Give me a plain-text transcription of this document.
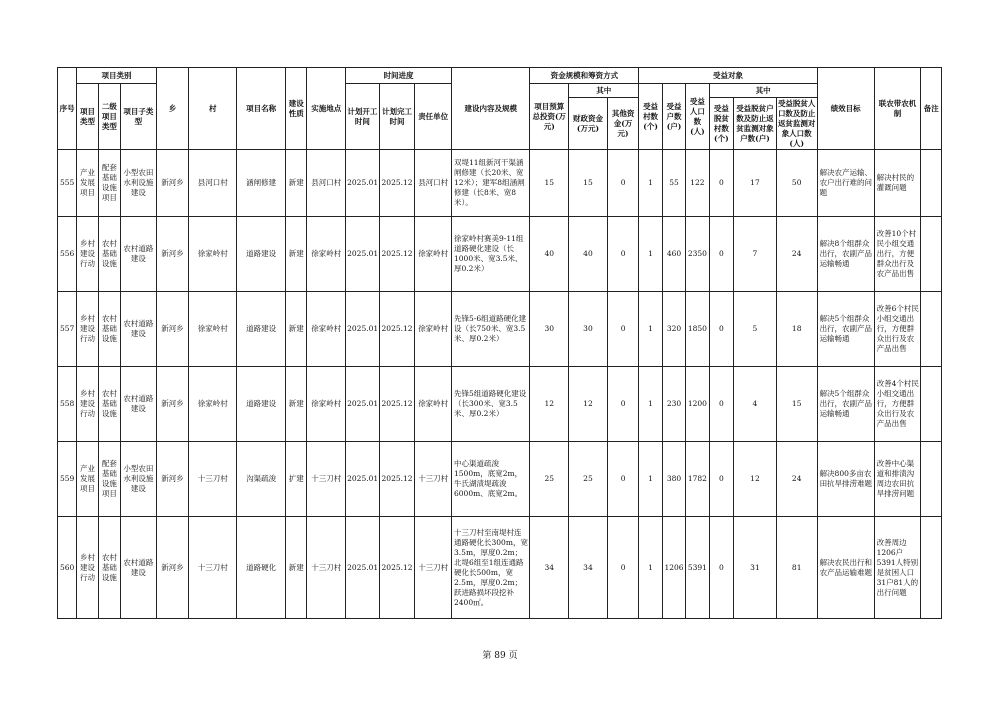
序号	项目类别			乡	村	项目名称	建设性质	实施地点	时间进度			建设内容及规模	资金规模和筹资方式			受益对象						绩效目标	联农带农机制	备注
	项目类型	二级项目类型	项目子类型						计划开工时间	计划完工时间	责任单位		项目预算总投资(万元)	其中		受益村数(个)	受益户数(户)	受益人口数(人)	其中					
														财政资金(万元)	其他资金(万元)				受益脱贫村数(个)	受益脱贫户数及防止返贫监测对象户数(户)	受益脱贫人口数及防止返贫监测对象人口数(人)			
555	产业发展项目	配套基础设施项目	小型农田水利设施建设	新河乡	县河口村	涵闸修建	新建	县河口村	2025.01	2025.12	县河口村	双堤11组新河干渠涵闸修建（长20米、宽12米）；建军8组涵闸修建（长8米、宽8米）。	15	15	0	1	55	122	0	17	50	解决农产运输、农户出行难的问题	解决村民的灌溉问题	
556	乡村建设行动	农村基础设施	农村道路建设	新河乡	徐家岭村	道路建设	新建	徐家岭村	2025.01	2025.12	徐家岭村	徐家岭村赛美9-11组道路硬化建设（长1000米、宽3.5米、厚0.2米）	40	40	0	1	460	2350	0	7	24	解决8个组群众出行，农副产品运输畅通	改善10个村民小组交通出行，方便群众出行及农产品出售	
557	乡村建设行动	农村基础设施	农村道路建设	新河乡	徐家岭村	道路建设	新建	徐家岭村	2025.01	2025.12	徐家岭村	先锋5-6组道路硬化建设（长750米、宽3.5米、厚0.2米）	30	30	0	1	320	1850	0	5	18	解决5个组群众出行，农副产品运输畅通	改善6个村民小组交通出行，方便群众出行及农产品出售	
558	乡村建设行动	农村基础设施	农村道路建设	新河乡	徐家岭村	道路建设	新建	徐家岭村	2025.01	2025.12	徐家岭村	先锋5组道路硬化建设（长300米、宽3.5米、厚0.2米）	12	12	0	1	230	1200	0	4	15	解决5个组群众出行，农副产品运输畅通	改善4个村民小组交通出行，方便群众出行及农产品出售	
559	产业发展项目	配套基础设施项目	小型农田水利设施建设	新河乡	十三刀村	沟渠疏浚	扩建	十三刀村	2025.01	2025.12	十三刀村	中心渠道疏浚1500m，底宽2m，牛氏湖渍堤疏浚6000m、底宽2m。	25	25	0	1	380	1782	0	12	24	解决800多亩农田抗旱排涝难题	改善中心渠道和排渍沟周边农田抗旱排涝问题	
560	乡村建设行动	农村基础设施	农村道路建设	新河乡	十三刀村	道路硬化	新建	十三刀村	2025.01	2025.12	十三刀村	十三刀村至南堤村连通路硬化长300m，宽3.5m，厚度0.2m；北堤6组至1组连通路硬化长500m，宽2.5m，厚度0.2m；跃进路损坏段挖补2400㎡。	34	34	0	1	1206	5391	0	31	81	解决农民出行和农产品运输难题	改善周边1206户5391人特别是贫困人口31户81人的出行问题	
第 89 页
